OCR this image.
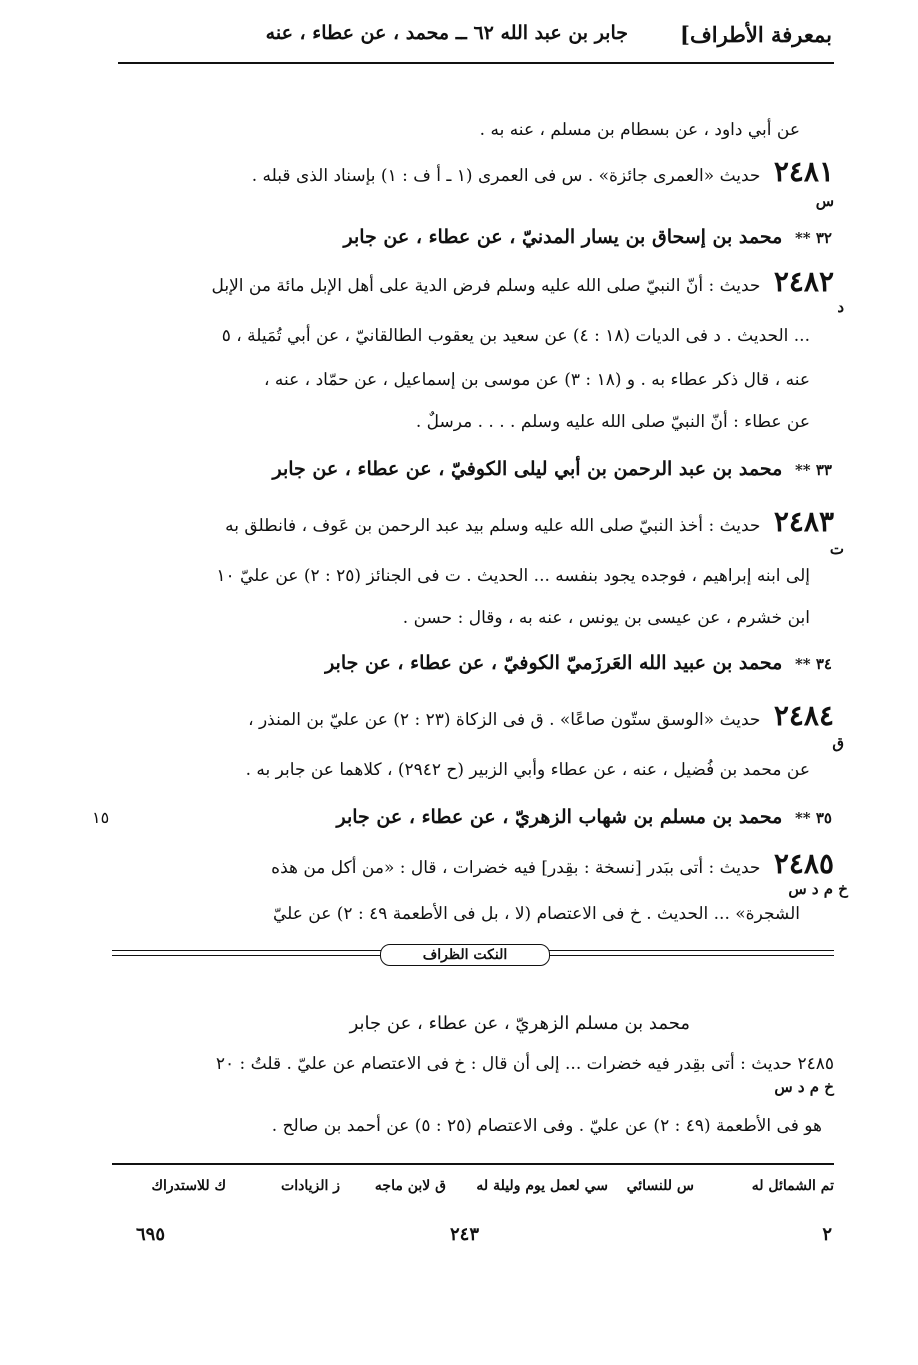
بمعرفة الأطراف]
جابر بن عبد الله ٦٢ ــ محمد ، عن عطاء ، عنه
عن أبي داود ، عن بسطام بن مسلم ، عنه به .
٢٤٨١ حديث «العمرى جائزة» . س فى العمرى (١ ـ أ ف : ١) بإسناد الذى قبله .
س
٣٢ ** محمد بن إسحاق بن يسار المدنيّ ، عن عطاء ، عن جابر
٢٤٨٢ حديث : أنّ النبيّ صلى الله عليه وسلم فرض الدية على أهل الإبل مائة من الإبل
د
... الحديث . د فى الديات (١٨ : ٤) عن سعيد بن يعقوب الطالقانيّ ، عن أبي تُمَيلة ، ٥
عنه ، قال ذكر عطاء به . و (١٨ : ٣) عن موسى بن إسماعيل ، عن حمّاد ، عنه ،
عن عطاء : أنّ النبيّ صلى الله عليه وسلم . . . . مرسلٌ .
٣٣ ** محمد بن عبد الرحمن بن أبي ليلى الكوفيّ ، عن عطاء ، عن جابر
٢٤٨٣ حديث : أخذ النبيّ صلى الله عليه وسلم بيد عبد الرحمن بن عَوف ، فانطلق به
ت
إلى ابنه إبراهيم ، فوجده يجود بنفسه ... الحديث . ت فى الجنائز (٢٥ : ٢) عن عليّ ١٠
ابن خشرم ، عن عيسى بن يونس ، عنه به ، وقال : حسن .
٣٤ ** محمد بن عبيد الله العَرزَميّ الكوفيّ ، عن عطاء ، عن جابر
٢٤٨٤ حديث «الوسق ستّون صاعًا» . ق فى الزكاة (٢٣ : ٢) عن عليّ بن المنذر ،
ق
عن محمد بن فُضيل ، عنه ، عن عطاء وأبي الزبير (ح ٢٩٤٢) ، كلاهما عن جابر به .
٣٥ ** محمد بن مسلم بن شهاب الزهريّ ، عن عطاء ، عن جابر
١٥
٢٤٨٥ حديث : أتى ببَدر [نسخة : بقِدر] فيه خضرات ، قال : «من أكل من هذه
خ م د س
الشجرة» ... الحديث . خ فى الاعتصام (لا ، بل فى الأطعمة ٤٩ : ٢) عن عليّ
النكت الظراف
محمد بن مسلم الزهريّ ، عن عطاء ، عن جابر
٢٤٨٥ حديث : أتى بقِدر فيه خضرات ... إلى أن قال : خ فى الاعتصام عن عليّ . قلتُ : ٢٠
خ م د س
هو فى الأطعمة (٤٩ : ٢) عن عليّ . وفى الاعتصام (٢٥ : ٥) عن أحمد بن صالح .
تم الشمائل له
س للنسائي
سي لعمل يوم وليلة له
ق لابن ماجه
ز الزيادات
ك للاستدراك
٦٩٥	٢٤٣	٢
